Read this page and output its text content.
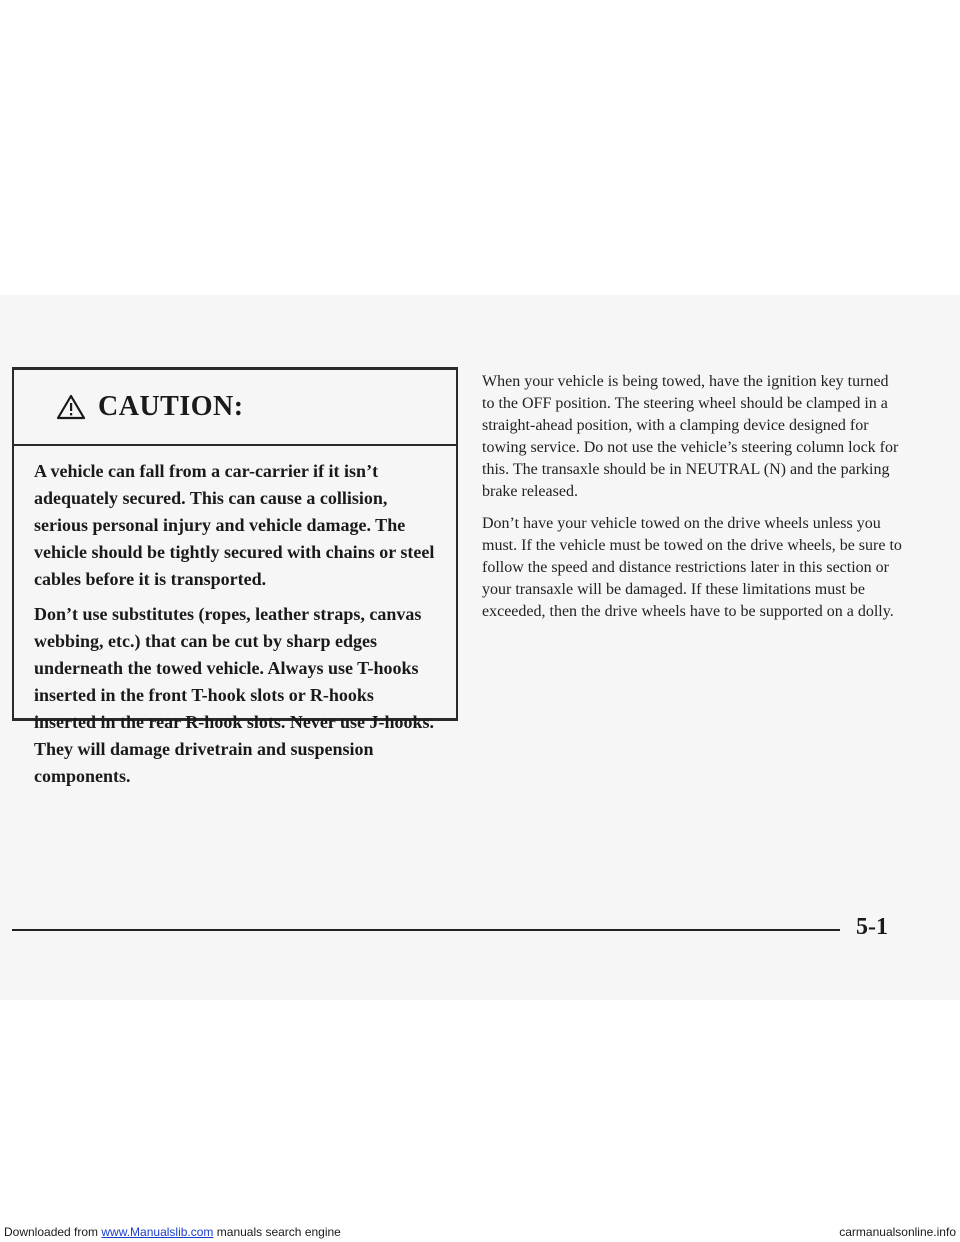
CAUTION:

A vehicle can fall from a car-carrier if it isn’t adequately secured. This can cause a collision, serious personal injury and vehicle damage. The vehicle should be tightly secured with chains or steel cables before it is transported.

Don’t use substitutes (ropes, leather straps, canvas webbing, etc.) that can be cut by sharp edges underneath the towed vehicle. Always use T-hooks inserted in the front T-hook slots or R-hooks inserted in the rear R-hook slots. Never use J-hooks. They will damage drivetrain and suspension components.

When your vehicle is being towed, have the ignition key turned to the OFF position. The steering wheel should be clamped in a straight-ahead position, with a clamping device designed for towing service. Do not use the vehicle’s steering column lock for this. The transaxle should be in NEUTRAL (N) and the parking brake released.

Don’t have your vehicle towed on the drive wheels unless you must. If the vehicle must be towed on the drive wheels, be sure to follow the speed and distance restrictions later in this section or your transaxle will be damaged. If these limitations must be exceeded, then the drive wheels have to be supported on a dolly.

5-1
Downloaded from www.Manualslib.com manuals search engine	carmanualsonline.info
